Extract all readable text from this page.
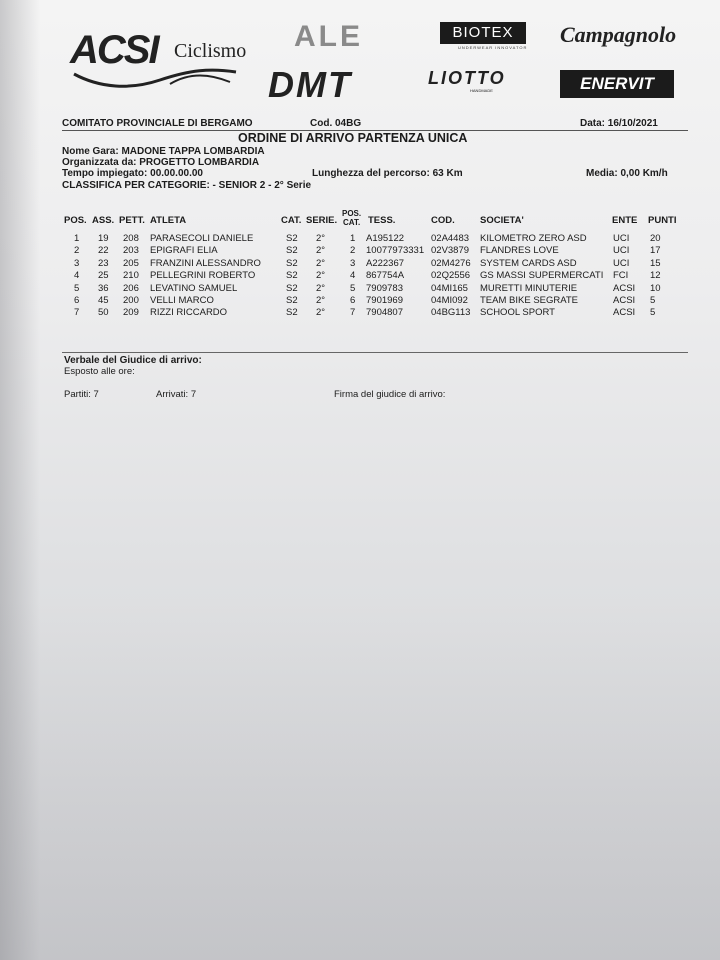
ACSI Ciclismo ALE
DMT
BIOTEX
UNDERWEAR INNOVATOR
LIOTTO
HANDMADE
Campagnolo
ENERVIT
COMITATO PROVINCIALE DI BERGAMO	Cod. 04BG	Data: 16/10/2021
ORDINE DI ARRIVO PARTENZA UNICA
Nome Gara: MADONE TAPPA LOMBARDIA
Organizzata da: PROGETTO LOMBARDIA
Tempo impiegato: 00.00.00.00	Lunghezza del percorso: 63 Km	Media: 0,00 Km/h
CLASSIFICA PER CATEGORIE: - SENIOR 2 - 2° Serie
POS. ASS. PETT. ATLETA	CAT. SERIE.
POS.
CAT. TESS.	COD.	SOCIETA'	ENTE PUNTI
1 19 208 PARASECOLI DANIELE	S2 2°	1 A195122	02A4483 KILOMETRO ZERO ASD	UCI 20
2 22 203 EPIGRAFI ELIA	S2 2°	2 10077973331 02V3879 FLANDRES LOVE	UCI 17
3 23 205 FRANZINI ALESSANDRO	S2 2°	3 A222367	02M4276 SYSTEM CARDS ASD	UCI 15
4 25 210 PELLEGRINI ROBERTO	S2 2°	4 867754A	02Q2556 GS MASSI SUPERMERCATI FCI 12
5 36 206 LEVATINO SAMUEL	S2 2°	5 7909783	04MI165 MURETTI MINUTERIE	ACSI 10
6 45 200 VELLI MARCO	S2 2°	6 7901969	04MI092 TEAM BIKE SEGRATE	ACSI 5
7 50 209 RIZZI RICCARDO	S2 2°	7 7904807	04BG113 SCHOOL SPORT	ACSI 5
Verbale del Giudice di arrivo:
Esposto alle ore:
Partiti: 7	Arrivati: 7	Firma del giudice di arrivo:
